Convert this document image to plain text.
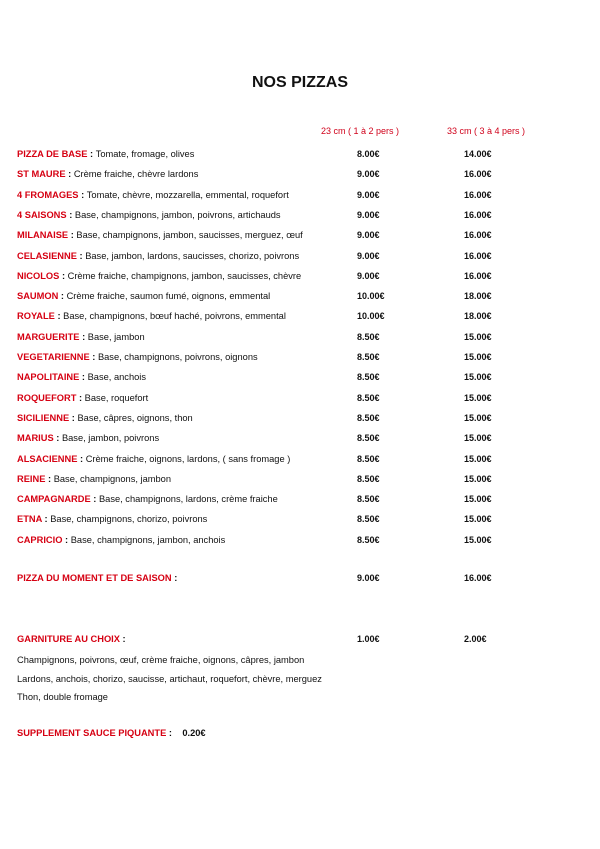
NOS PIZZAS
23 cm ( 1 à 2 pers )	33 cm ( 3 à 4 pers )
PIZZA DE BASE : Tomate, fromage, olives	8.00€	14.00€
ST MAURE : Crème fraiche, chèvre lardons	9.00€	16.00€
4 FROMAGES : Tomate, chèvre, mozzarella, emmental, roquefort	9.00€	16.00€
4 SAISONS : Base, champignons, jambon, poivrons, artichauds	9.00€	16.00€
MILANAISE : Base, champignons, jambon, saucisses, merguez, œuf	9.00€	16.00€
CELASIENNE : Base, jambon, lardons, saucisses, chorizo, poivrons	9.00€	16.00€
NICOLOS : Crème fraiche, champignons, jambon, saucisses, chèvre	9.00€	16.00€
SAUMON : Crème fraiche, saumon fumé, oignons, emmental	10.00€	18.00€
ROYALE : Base, champignons, bœuf haché, poivrons, emmental	10.00€	18.00€
MARGUERITE : Base, jambon	8.50€	15.00€
VEGETARIENNE : Base, champignons, poivrons, oignons	8.50€	15.00€
NAPOLITAINE : Base, anchois	8.50€	15.00€
ROQUEFORT : Base, roquefort	8.50€	15.00€
SICILIENNE : Base, câpres, oignons, thon	8.50€	15.00€
MARIUS : Base, jambon, poivrons	8.50€	15.00€
ALSACIENNE : Crème fraiche, oignons, lardons, ( sans fromage )	8.50€	15.00€
REINE : Base, champignons, jambon	8.50€	15.00€
CAMPAGNARDE : Base, champignons, lardons, crème fraiche	8.50€	15.00€
ETNA : Base, champignons, chorizo, poivrons	8.50€	15.00€
CAPRICIO : Base, champignons, jambon, anchois	8.50€	15.00€
PIZZA DU MOMENT ET DE SAISON :	9.00€	16.00€
GARNITURE AU CHOIX :	1.00€	2.00€
Champignons, poivrons, œuf, crème fraiche, oignons, câpres, jambon
Lardons, anchois, chorizo, saucisse, artichaut, roquefort, chèvre, merguez
Thon, double fromage
SUPPLEMENT SAUCE PIQUANTE :    0.20€
